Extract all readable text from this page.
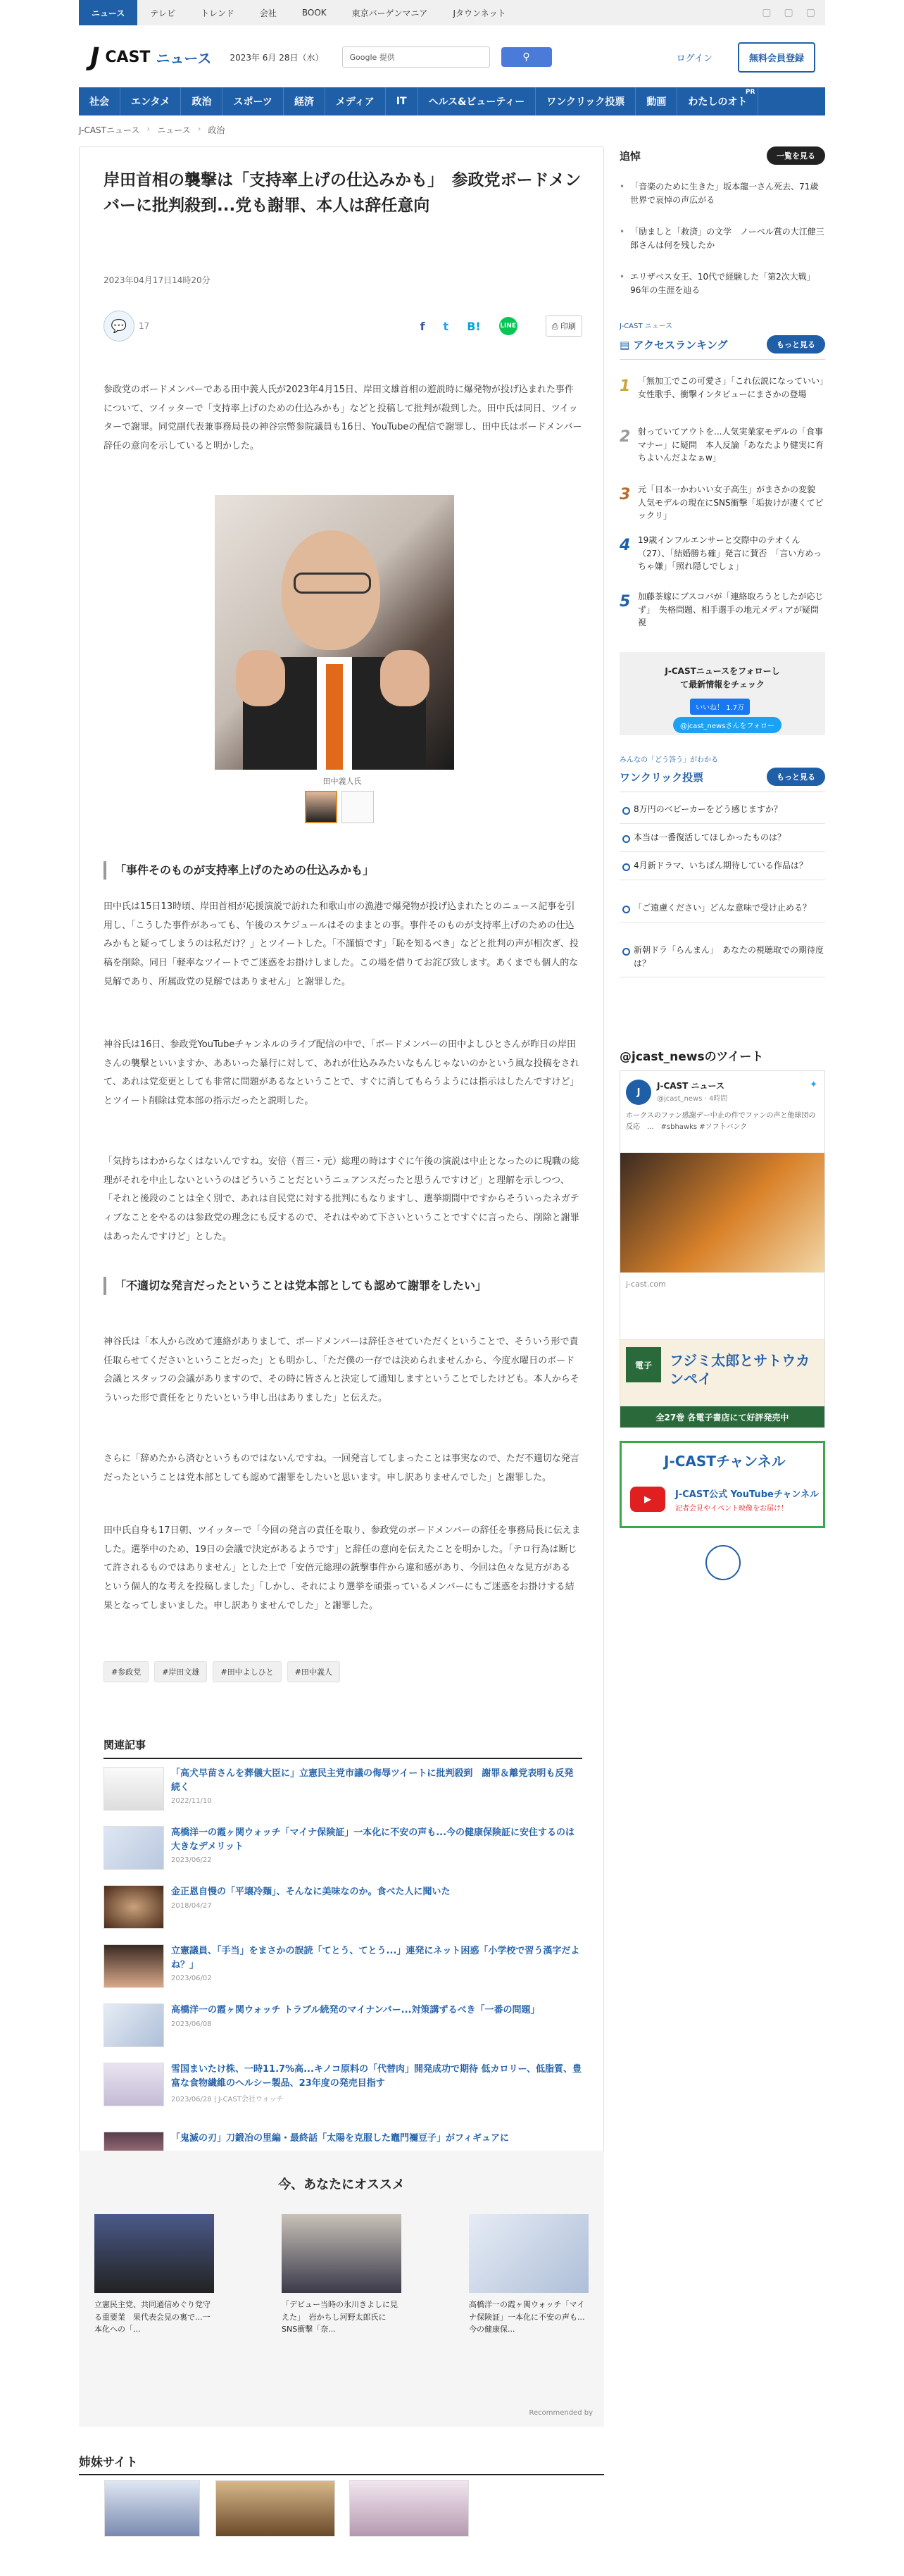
ニュース	テレビ	トレンド	会社	BOOK	東京バーゲンマニア	Jタウンネット	▢ ▢ ▢
J CAST ニュース 2023年 6月 28日（水）	Google 提供	⚲	ログイン	無料会員登録
社会	エンタメ	政治	スポーツ	経済	メディア	IT	ヘルス&ビューティー	ワンクリック投票	動画	わたしのオト
PR
J-CASTニュース › ニュース › 政治
岸田首相の襲撃は「支持率上げの仕込みかも」　参政党ボードメンバーに批判殺到...党も謝罪、本人は辞任意向
2023年04月17日14時20分
💬	17	f t B!	LINE	⎙ 印刷

参政党のボードメンバーである田中義人氏が2023年4月15日、岸田文雄首相の遊説時に爆発物が投げ込まれた事件について、ツイッターで「支持率上げのための仕込みかも」などと投稿して批判が殺到した。田中氏は同日、ツイッターで謝罪。同党副代表兼事務局長の神谷宗幣参院議員も16日、YouTubeの配信で謝罪し、田中氏はボードメンバー辞任の意向を示していると明かした。

田中義人氏
「事件そのものが支持率上げのための仕込みかも」

田中氏は15日13時頃、岸田首相が応援演説で訪れた和歌山市の漁港で爆発物が投げ込まれたとのニュース記事を引用し、「こうした事件があっても、午後のスケジュールはそのままとの事。事件そのものが支持率上げのための仕込みかもと疑ってしまうのは私だけ？」とツイートした。「不謹慎です」「恥を知るべき」などと批判の声が相次ぎ、投稿を削除。同日「軽率なツイートでご迷惑をお掛けしました。この場を借りてお詫び致します。あくまでも個人的な見解であり、所属政党の見解ではありません」と謝罪した。

神谷氏は16日、参政党YouTubeチャンネルのライブ配信の中で、「ボードメンバーの田中よしひとさんが昨日の岸田さんの襲撃といいますか、ああいった暴行に対して、あれが仕込みみたいなもんじゃないのかという風な投稿をされて、あれは党変更としても非常に問題があるなということで、すぐに消してもらうようには指示はしたんですけど」とツイート削除は党本部の指示だったと説明した。

「気持ちはわからなくはないんですね。安倍（晋三・元）総理の時はすぐに午後の演説は中止となったのに現職の総理がそれを中止しないというのはどういうことだというニュアンスだったと思うんですけど」と理解を示しつつ、「それと後段のことは全く別で、あれは自民党に対する批判にもなりますし、選挙期間中ですからそういったネガティブなことをやるのは参政党の理念にも反するので、それはやめて下さいということですぐに言ったら、削除と謝罪はあったんですけど」とした。

「不適切な発言だったということは党本部としても認めて謝罪をしたい」

神谷氏は「本人から改めて連絡がありまして、ボードメンバーは辞任させていただくということで、そういう形で責任取らせてくださいということだった」とも明かし、「ただ僕の一存では決められませんから、今度水曜日のボード会議とスタッフの会議がありますので、その時に皆さんと決定して通知しますということでしたけども。本人からそういった形で責任をとりたいという申し出はありました」と伝えた。

さらに「辞めたから済むというものではないんですね。一回発言してしまったことは事実なので、ただ不適切な発言だったということは党本部としても認めて謝罪をしたいと思います。申し訳ありませんでした」と謝罪した。

田中氏自身も17日朝、ツイッターで「今回の発言の責任を取り、参政党のボードメンバーの辞任を事務局長に伝えました。選挙中のため、19日の会議で決定があるようです」と辞任の意向を伝えたことを明かした。「テロ行為は断じて許されるものではありません」とした上で「安倍元総理の銃撃事件から違和感があり、今回は色々な見方がある という個人的な考えを投稿しました」「しかし、それにより選挙を頑張っているメンバーにもご迷惑をお掛けする結果となってしまいました。申し訳ありませんでした」と謝罪した。

#参政党	#岸田文雄	#田中よしひと	#田中義人
関連記事
「高犬早苗さんを葬儀大臣に」立憲民主党市議の侮辱ツイートに批判殺到　謝罪＆離党表明も反発続く
2022/11/10
高橋洋一の霞ヶ関ウォッチ「マイナ保険証」一本化に不安の声も...今の健康保険証に安住するのは大きなデメリット
2023/06/22
金正恩自慢の「平壌冷麺」、そんなに美味なのか。食べた人に聞いた
2018/04/27
立憲議員、「手当」をまさかの誤読「てとう、てとう...」連発にネット困惑「小学校で習う漢字だよね？」
2023/06/02
高橋洋一の霞ヶ関ウォッチ トラブル続発のマイナンバー...対策講ずるべき「一番の問題」
2023/06/08
雪国まいたけ株、一時11.7%高...キノコ原料の「代替肉」開発成功で期待 低カロリー、低脂質、豊富な食物繊維のヘルシー製品、23年度の発売目指す
2023/06/28 | J-CAST会社ウォッチ
「鬼滅の刃」刀鍛冶の里編・最終話「太陽を克服した竈門禰豆子」がフィギュアに
今、あなたにオススメ
立憲民主党、共同通信めぐり党守る重要業　果代表会見の裏で...一本化への「...
「デビュー当時の氷川きよしに見えた」　岩かちし河野太郎氏にSNS衝撃「奈...
高橋洋一の霞ヶ関ウォッチ「マイナ保険証」一本化に不安の声も...今の健康保...
Recommended by
姉妹サイト
追悼	一覧を見る
• 「音楽のために生きた」坂本龍一さん死去、71歳　世界で哀悼の声広がる
• 「励ましと「救済」の文学　ノーベル賞の大江健三郎さんは何を残したか
• エリザベス女王、10代で経験した「第2次大戦」　96年の生涯を辿る
J-CAST ニュース
▤ アクセスランキング	もっと見る
1 「無加工でこの可愛さ」「これ伝説になっていい」　女性歌手、衝撃インタビューにまさかの登場
2 射っていてアウトを...人気実業家モデルの「食事マナー」に疑問　本人反論「あなたより健実に育ちよいんだよなぁw」
3 元「日本一かわいい女子高生」がまさかの変貌　人気モデルの現在にSNS衝撃「垢抜けが凄くてビックリ」
4 19歳インフルエンサーと交際中のテオくん（27）、「結婚勝ち確」発言に賛否　「言い方めっちゃ嫌」「照れ隠しでしょ」
5 加藤茶嫁にブスコバが「連絡取ろうとしたが応じず」　失格問題、相手選手の地元メディアが疑問視
J-CASTニュースをフォローして最新情報をチェック
いいね！ 1.7万
@jcast_newsさんをフォロー
みんなの「どう答う」がわかる
ワンクリック投票	もっと見る
8万円のベビーカーをどう感じますか？
本当は一番復活してほしかったものは？
4月新ドラマ、いちばん期待している作品は？
「ご遠慮ください」どんな意味で受け止める？
新朝ドラ「らんまん」　あなたの視聴取での期待度は？
@jcast_newsのツイート
J
J-CAST ニュース
@jcast_news · 4時間
✦
ホークスのファン感謝デー中止の件でファンの声と他球団の反応　...　#sbhawks #ソフトバンク
j-cast.com
電子	フジミ太郎とサトウカンペイ
全27巻 各電子書店にて好評発売中
J-CASTチャンネル
▶	J-CAST公式 YouTubeチャンネル
記者会見やイベント映像をお届け！
